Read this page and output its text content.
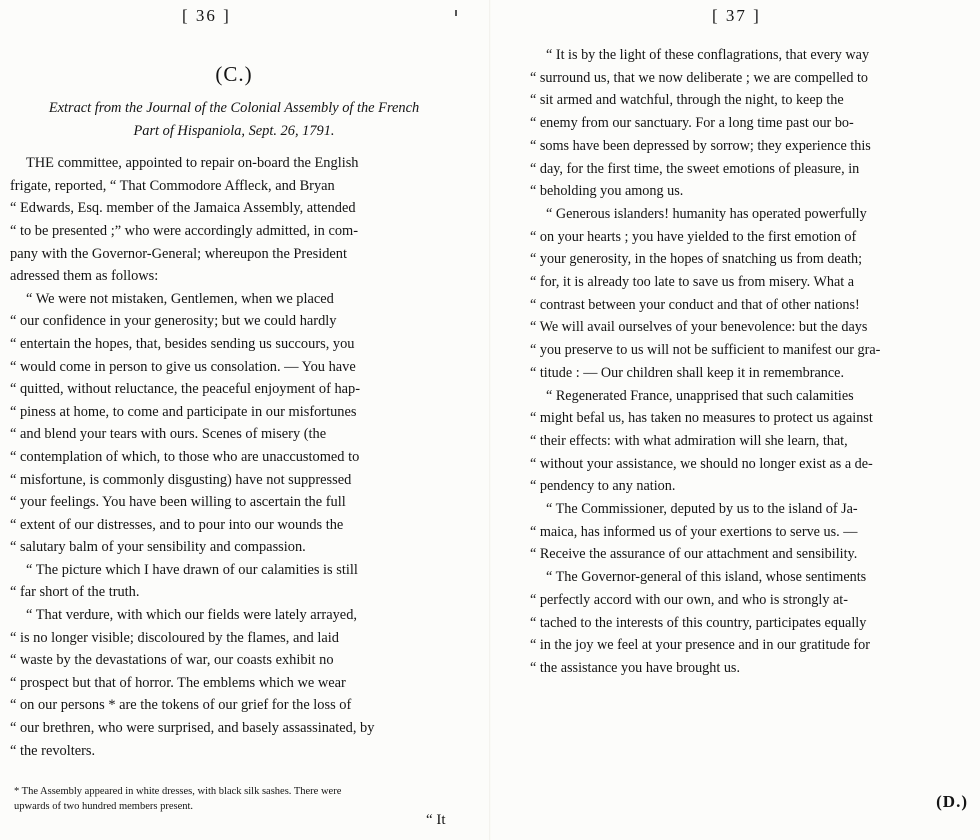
[ 36 ]

(C.)

Extract from the Journal of the Colonial Assembly of the French
Part of Hispaniola, Sept. 26, 1791.

THE committee, appointed to repair on-board the English
frigate, reported, “ That Commodore Affleck, and Bryan
“ Edwards, Esq. member of the Jamaica Assembly, attended
“ to be presented ;” who were accordingly admitted, in com-
pany with the Governor-General; whereupon the President
adressed them as follows:
“ We were not mistaken, Gentlemen, when we placed
“ our confidence in your generosity; but we could hardly
“ entertain the hopes, that, besides sending us succours, you
“ would come in person to give us consolation. — You have
“ quitted, without reluctance, the peaceful enjoyment of hap-
“ piness at home, to come and participate in our misfortunes
“ and blend your tears with ours. Scenes of misery (the
“ contemplation of which, to those who are unaccustomed to
“ misfortune, is commonly disgusting) have not suppressed
“ your feelings. You have been willing to ascertain the full
“ extent of our distresses, and to pour into our wounds the
“ salutary balm of your sensibility and compassion.
“ The picture which I have drawn of our calamities is still
“ far short of the truth.
“ That verdure, with which our fields were lately arrayed,
“ is no longer visible; discoloured by the flames, and laid
“ waste by the devastations of war, our coasts exhibit no
“ prospect but that of horror. The emblems which we wear
“ on our persons * are the tokens of our grief for the loss of
“ our brethren, who were surprised, and basely assassinated, by
“ the revolters.
* The Assembly appeared in white dresses, with black silk sashes. There were
upwards of two hundred members present.

“ It

[ 37 ]

“ It is by the light of these conflagrations, that every way
“ surround us, that we now deliberate ; we are compelled to
“ sit armed and watchful, through the night, to keep the
“ enemy from our sanctuary. For a long time past our bo-
“ soms have been depressed by sorrow; they experience this
“ day, for the first time, the sweet emotions of pleasure, in
“ beholding you among us.
“ Generous islanders! humanity has operated powerfully
“ on your hearts ; you have yielded to the first emotion of
“ your generosity, in the hopes of snatching us from death;
“ for, it is already too late to save us from misery. What a
“ contrast between your conduct and that of other nations!
“ We will avail ourselves of your benevolence: but the days
“ you preserve to us will not be sufficient to manifest our gra-
“ titude : — Our children shall keep it in remembrance.
“ Regenerated France, unapprised that such calamities
“ might befal us, has taken no measures to protect us against
“ their effects: with what admiration will she learn, that,
“ without your assistance, we should no longer exist as a de-
“ pendency to any nation.
“ The Commissioner, deputed by us to the island of Ja-
“ maica, has informed us of your exertions to serve us. —
“ Receive the assurance of our attachment and sensibility.
“ The Governor-general of this island, whose sentiments
“ perfectly accord with our own, and who is strongly at-
“ tached to the interests of this country, participates equally
“ in the joy we feel at your presence and in our gratitude for
“ the assistance you have brought us.

(D.)
